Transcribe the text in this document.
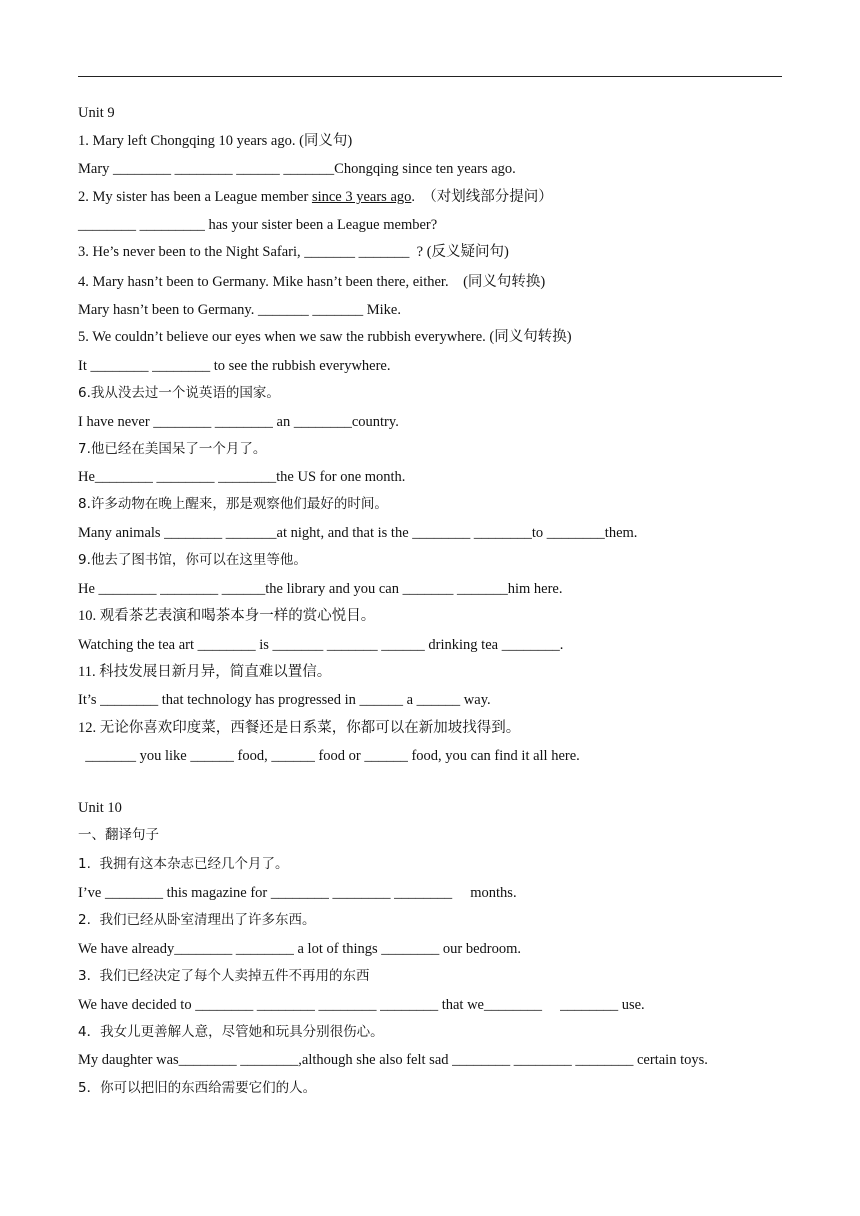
Unit 9
1. Mary left Chongqing 10 years ago. (同义句)
Mary ________ ________ ______ _______Chongqing since ten years ago.
2. My sister has been a League member since 3 years ago.  （对划线部分提问）
________ _________ has your sister been a League member?
3. He’s never been to the Night Safari, _______ _______  ? (反义疑问句)
4. Mary hasn’t been to Germany. Mike hasn’t been there, either.    (同义句转换)
Mary hasn’t been to Germany. _______ _______ Mike.
5. We couldn’t believe our eyes when we saw the rubbish everywhere. (同义句转换)
It ________ ________ to see the rubbish everywhere.
6.我从没去过一个说英语的国家。
I have never ________ ________ an ________country.
7.他已经在美国呆了一个月了。
He________ ________ ________the US for one month.
8.许多动物在晚上醒来，那是观察他们最好的时间。
Many animals ________ _______at night, and that is the ________ ________to ________them.
9.他去了图书馆，你可以在这里等他。
He ________ ________ ______the library and you can _______ _______him here.
10. 观看茶艺表演和喝茶本身一样的赏心悦目。
Watching the tea art ________ is _______ _______ ______ drinking tea ________.
11. 科技发展日新月异，简直难以置信。
It’s ________ that technology has progressed in ______ a ______ way.
12. 无论你喜欢印度菜，西餐还是日系菜，你都可以在新加坡找得到。
_______ you like ______ food, ______ food or ______ food, you can find it all here.
Unit 10
一、翻译句子
1.  我拥有这本杂志已经几个月了。
I’ve ________ this magazine for ________ ________ ________     months.
2.  我们已经从卧室清理出了许多东西。
We have already________ ________ a lot of things ________ our bedroom.
3.  我们已经决定了每个人卖掉五件不再用的东西
We have decided to ________ ________ ________ ________ that we________     ________ use.
4．我女儿更善解人意，尽管她和玩具分别很伤心。
My daughter was________ ________,although she also felt sad ________ ________ ________ certain toys.
5．你可以把旧的东西给需要它们的人。
